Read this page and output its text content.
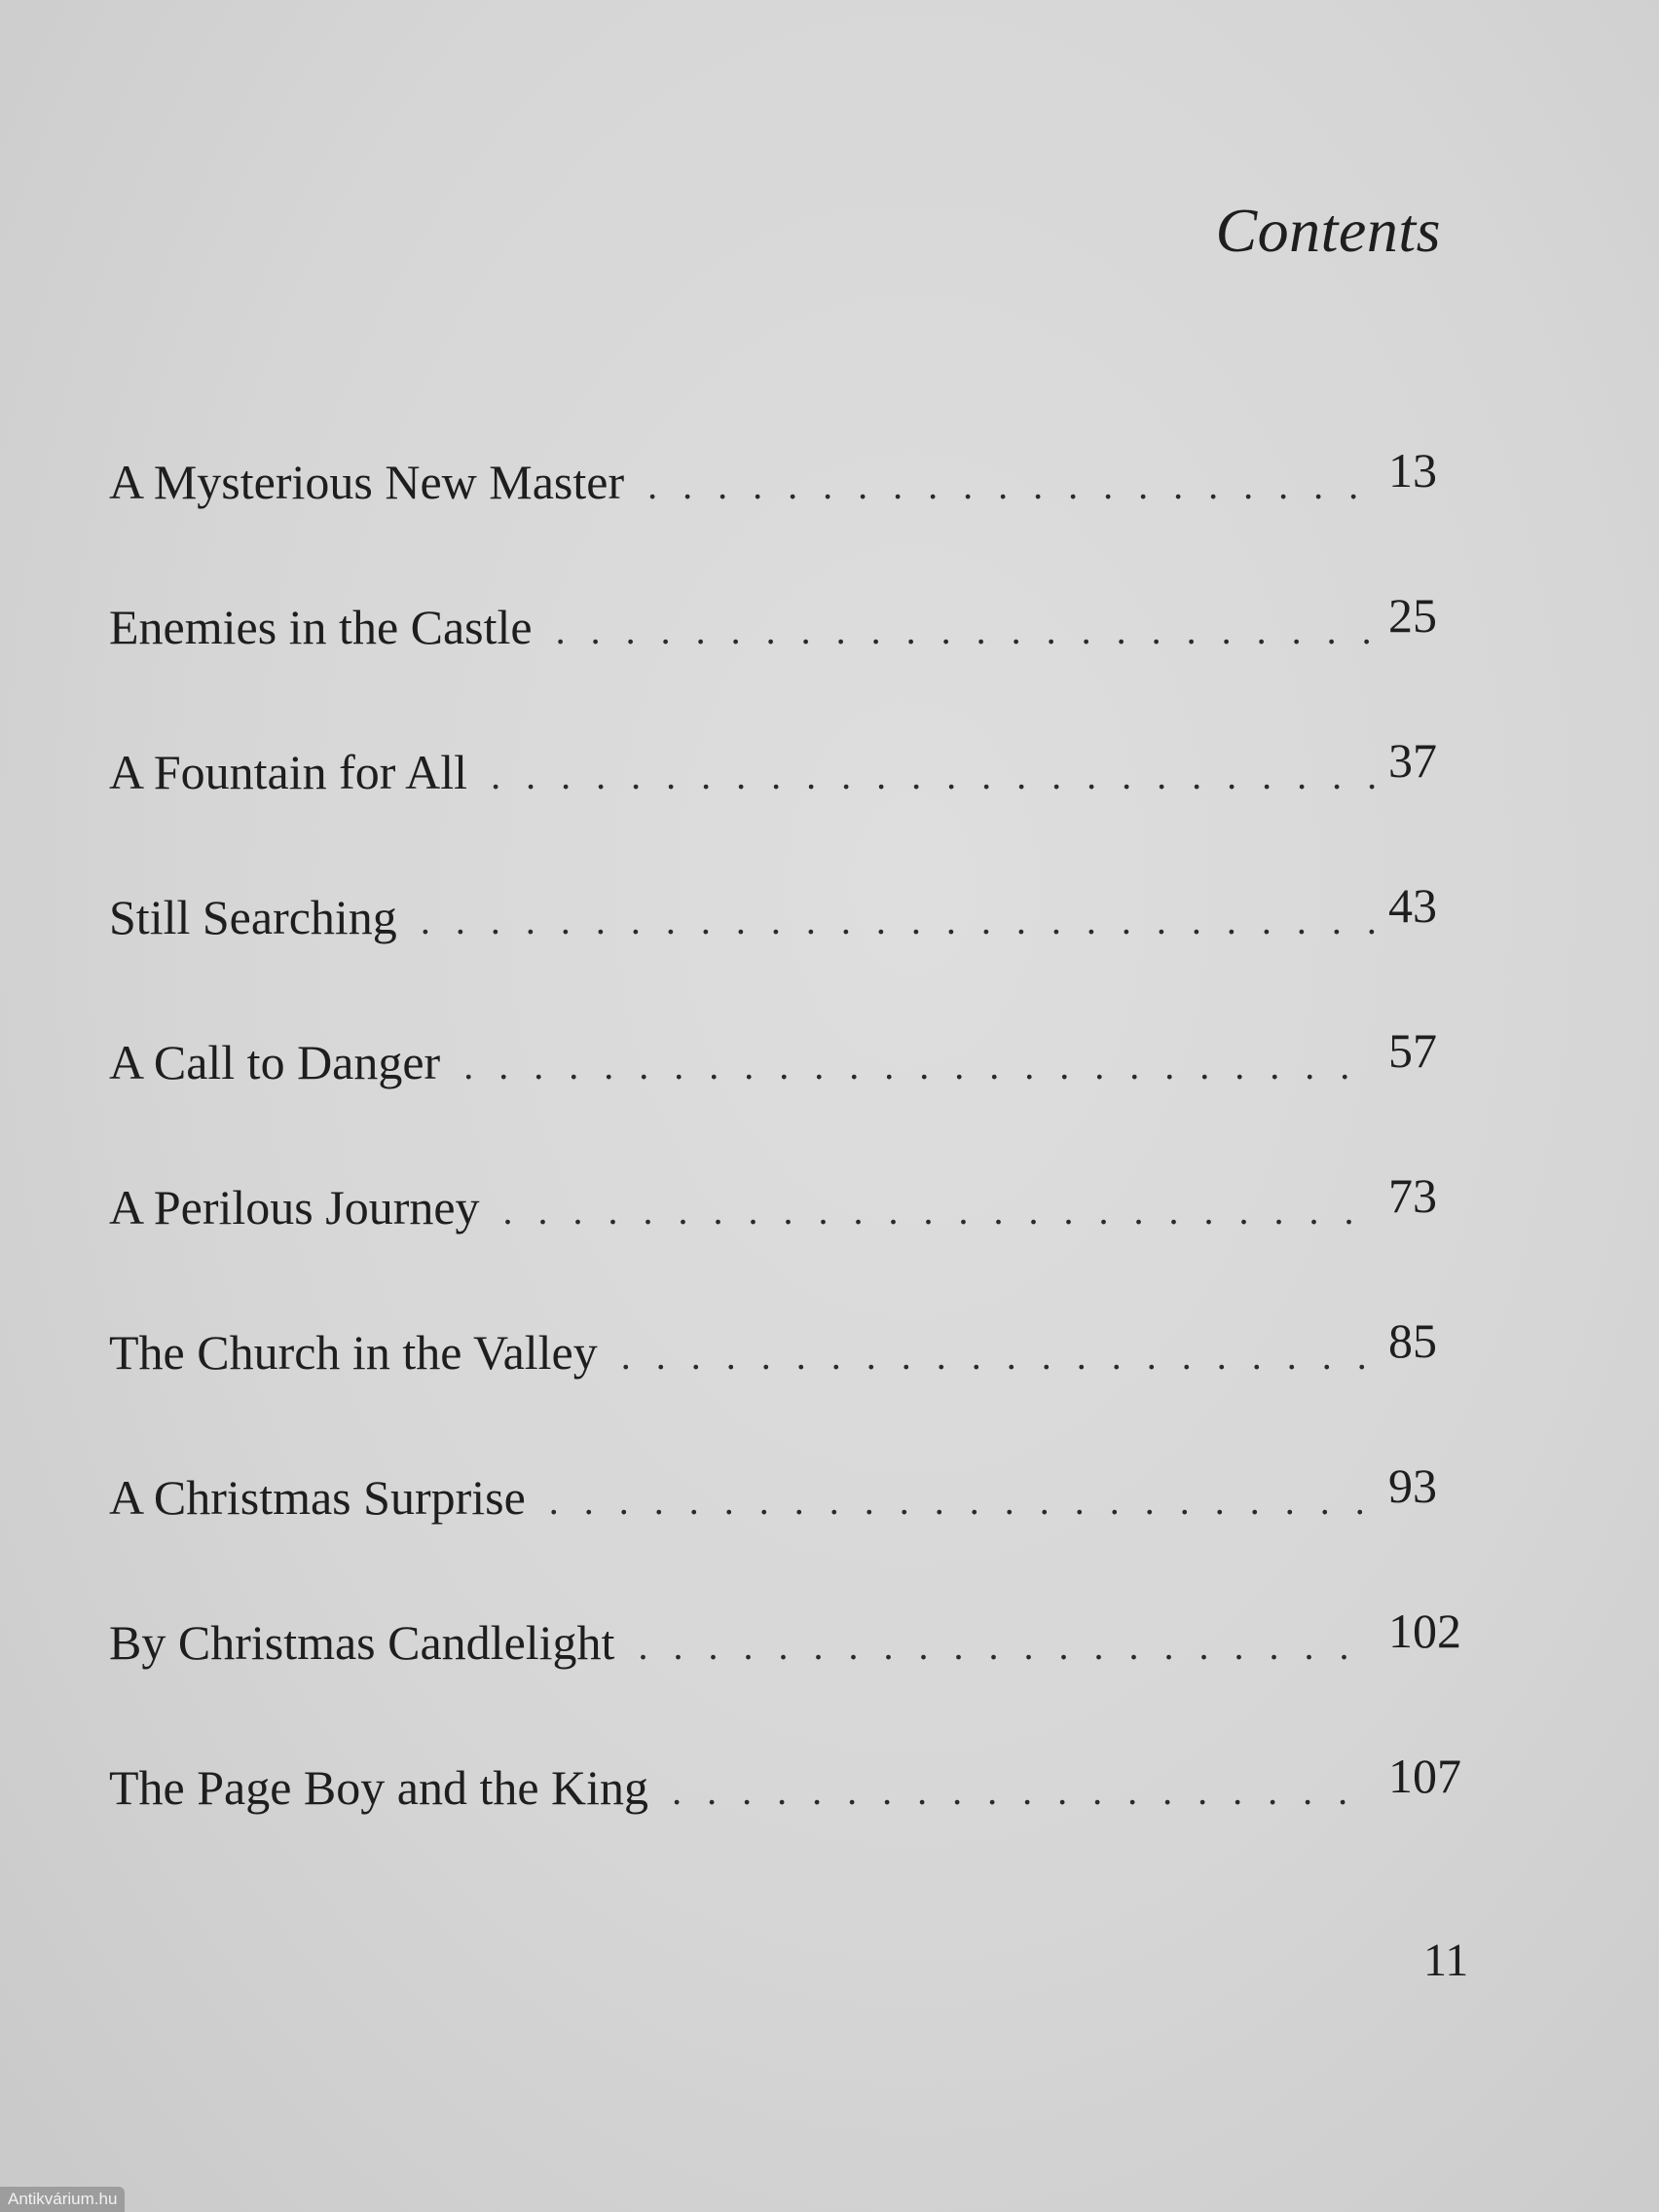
Contents
A Mysterious New Master . . .	13
Enemies in the Castle . . .	25
A Fountain for All . . .	37
Still Searching . . .	43
A Call to Danger . . .	57
A Perilous Journey . . .	73
The Church in the Valley . . .	85
A Christmas Surprise . . .	93
By Christmas Candlelight . . .	102
The Page Boy and the King . . .	107
11
Antikvárium.hu
